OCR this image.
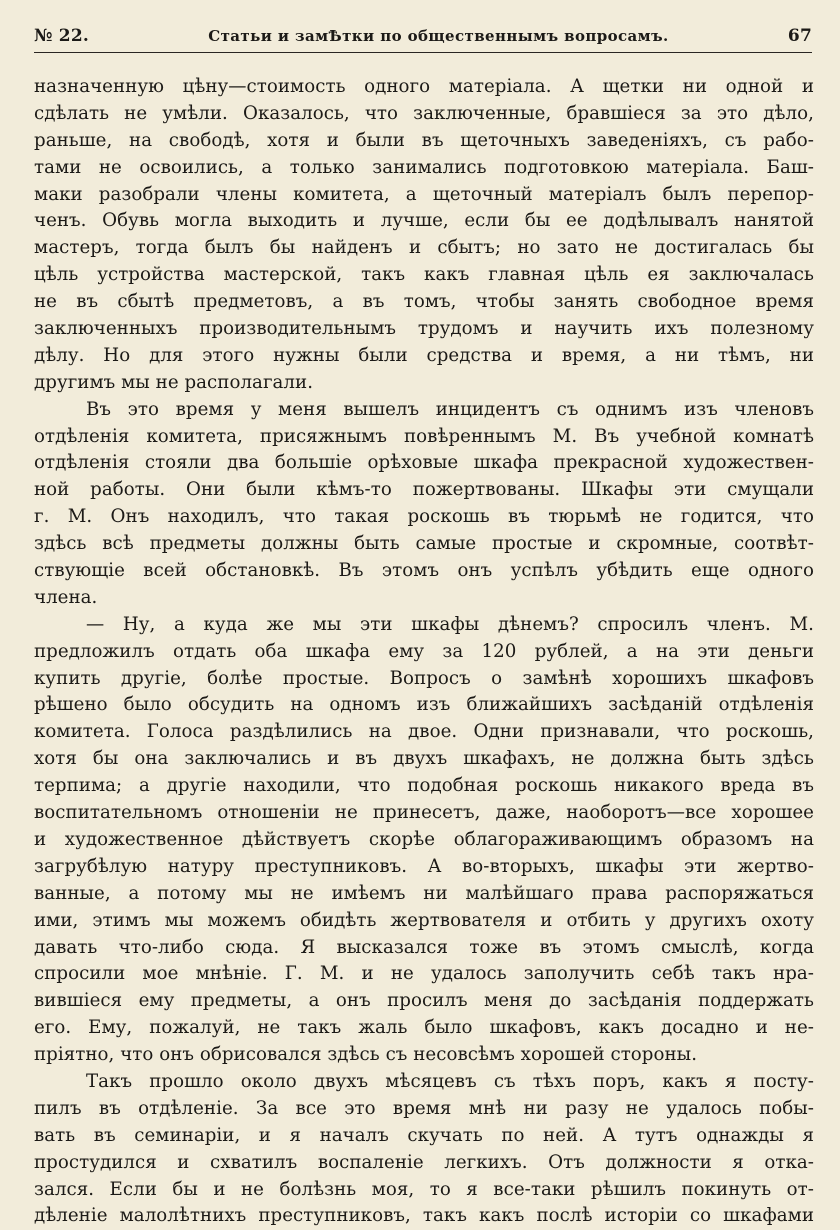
№ 22.	Статьи и замѢтки по общественнымъ вопросамъ.	67
назначенную цѣну—стоимость одного матеріала. А щетки ни одной и
сдѣлать не умѣли. Оказалось, что заключенные, бравшіеся за это дѣло,
раньше, на свободѣ, хотя и были въ щеточныхъ заведеніяхъ, съ рабо-
тами не освоились, а только занимались подготовкою матеріала. Баш-
маки разобрали члены комитета, а щеточный матеріалъ былъ перепор-
ченъ. Обувь могла выходить и лучше, если бы ее додѣлывалъ нанятой
мастеръ, тогда былъ бы найденъ и сбытъ; но зато не достигалась бы
цѣль устройства мастерской, такъ какъ главная цѣль ея заключалась
не въ сбытѣ предметовъ, а въ томъ, чтобы занять свободное время
заключенныхъ производительнымъ трудомъ и научить ихъ полезному
дѣлу. Но для этого нужны были средства и время, а ни тѣмъ, ни
другимъ мы не располагали.
Въ это время у меня вышелъ инцидентъ съ однимъ изъ членовъ
отдѣленія комитета, присяжнымъ повѣреннымъ М. Въ учебной комнатѣ
отдѣленія стояли два большіе орѣховые шкафа прекрасной художествен-
ной работы. Они были кѣмъ-то пожертвованы. Шкафы эти смущали
г. М. Онъ находилъ, что такая роскошь въ тюрьмѣ не годится, что
здѣсь всѣ предметы должны быть самые простые и скромные, соотвѣт-
ствующіе всей обстановкѣ. Въ этомъ онъ успѣлъ убѣдить еще одного
члена.
— Ну, а куда же мы эти шкафы дѣнемъ? спросилъ членъ. М.
предложилъ отдать оба шкафа ему за 120 рублей, а на эти деньги
купить другіе, болѣе простые. Вопросъ о замѣнѣ хорошихъ шкафовъ
рѣшено было обсудить на одномъ изъ ближайшихъ засѣданій отдѣленія
комитета. Голоса раздѣлились на двое. Одни признавали, что роскошь,
хотя бы она заключались и въ двухъ шкафахъ, не должна быть здѣсь
терпима; а другіе находили, что подобная роскошь никакого вреда въ
воспитательномъ отношеніи не принесетъ, даже, наоборотъ—все хорошее
и художественное дѣйствуетъ скорѣе облагораживающимъ образомъ на
загрубѣлую натуру преступниковъ. А во-вторыхъ, шкафы эти жертво-
ванные, а потому мы не имѣемъ ни малѣйшаго права распоряжаться
ими, этимъ мы можемъ обидѣть жертвователя и отбить у другихъ охоту
давать что-либо сюда. Я высказался тоже въ этомъ смыслѣ, когда
спросили мое мнѣніе. Г. М. и не удалось заполучить себѣ такъ нра-
вившіеся ему предметы, а онъ просилъ меня до засѣданія поддержать
его. Ему, пожалуй, не такъ жаль было шкафовъ, какъ досадно и не-
пріятно, что онъ обрисовался здѣсь съ несовсѣмъ хорошей стороны.
Такъ прошло около двухъ мѣсяцевъ съ тѣхъ поръ, какъ я посту-
пилъ въ отдѣленіе. За все это время мнѣ ни разу не удалось побы-
вать въ семинаріи, и я началъ скучать по ней. А тутъ однажды я
простудился и схватилъ воспаленіе легкихъ. Отъ должности я отка-
зался. Если бы и не болѣзнь моя, то я все-таки рѣшилъ покинуть от-
дѣленіе малолѣтнихъ преступниковъ, такъ какъ послѣ исторіи со шкафами
